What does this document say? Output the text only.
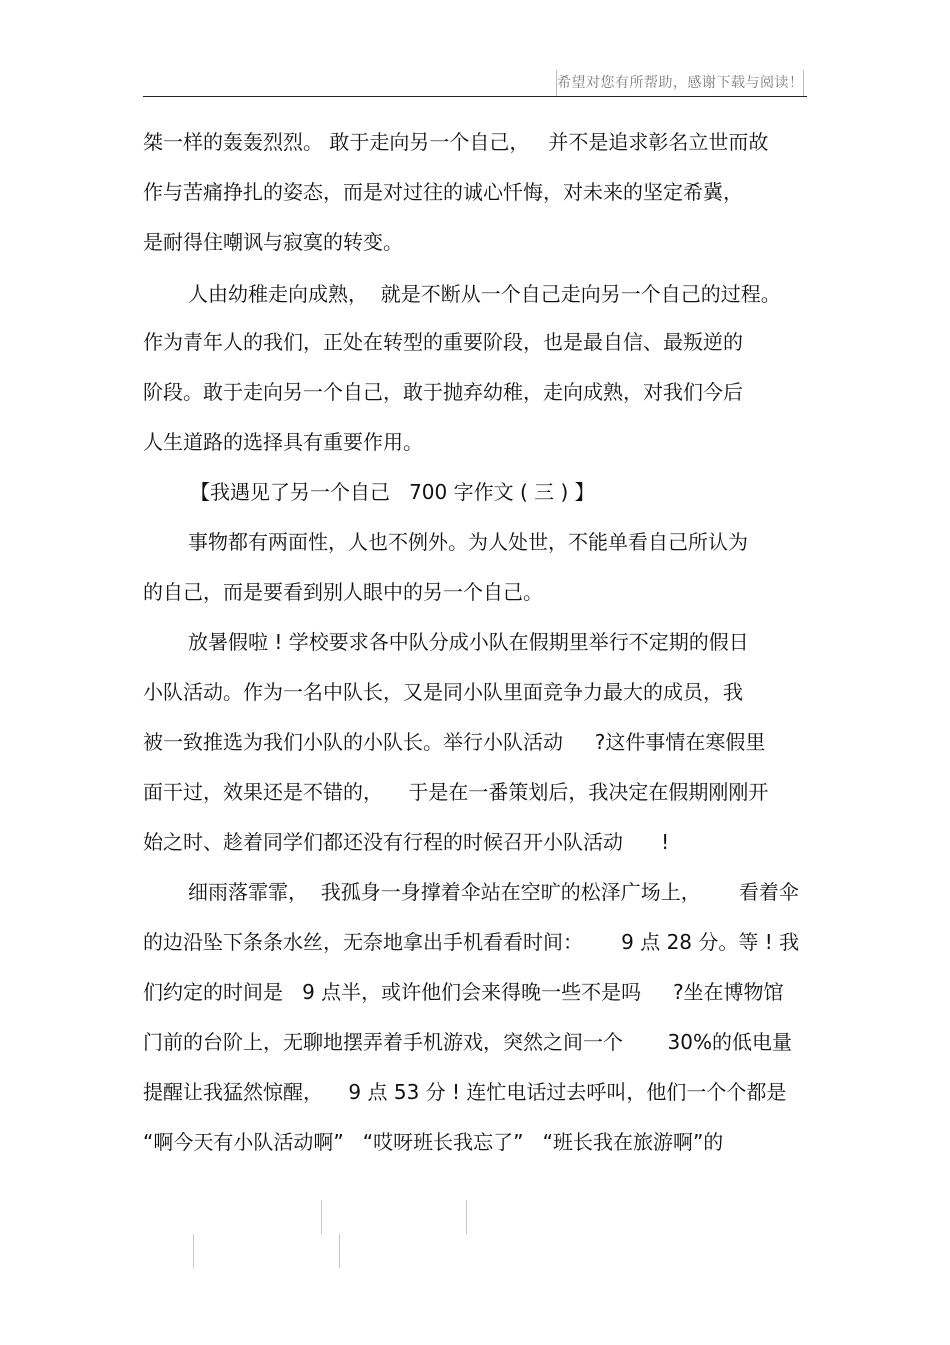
希望对您有所帮助，感谢下载与阅读！
桀一样的轰轰烈烈。 敢于走向另一个自己，   并不是追求彰名立世而故
作与苦痛挣扎的姿态，而是对过往的诚心忏悔，对未来的坚定希冀，
是耐得住嘲讽与寂寞的转变。
人由幼稚走向成熟，  就是不断从一个自己走向另一个自己的过程。
作为青年人的我们，正处在转型的重要阶段，也是最自信、最叛逆的
阶段。敢于走向另一个自己，敢于抛弃幼稚，走向成熟，对我们今后
人生道路的选择具有重要作用。
【我遇见了另一个自己   700 字作文 ( 三 ) 】
事物都有两面性，人也不例外。为人处世，不能单看自己所认为
的自己，而是要看到别人眼中的另一个自己。
放暑假啦 ! 学校要求各中队分成小队在假期里举行不定期的假日
小队活动。作为一名中队长，又是同小队里面竞争力最大的成员，我
被一致推选为我们小队的小队长。举行小队活动     ?这件事情在寒假里
面干过，效果还是不错的，    于是在一番策划后，我决定在假期刚刚开
始之时、趁着同学们都还没有行程的时候召开小队活动      !
细雨落霏霏，  我孤身一身撑着伞站在空旷的松泽广场上，      看着伞
的边沿坠下条条水丝，无奈地拿出手机看看时间：      9 点 28 分。等 ! 我
们约定的时间是   9 点半，或许他们会来得晚一些不是吗     ?坐在博物馆
门前的台阶上，无聊地摆弄着手机游戏，突然之间一个       30%的低电量
提醒让我猛然惊醒，    9 点 53 分 ! 连忙电话过去呼叫，他们一个个都是
“啊今天有小队活动啊”   “哎呀班长我忘了”   “班长我在旅游啊”的
